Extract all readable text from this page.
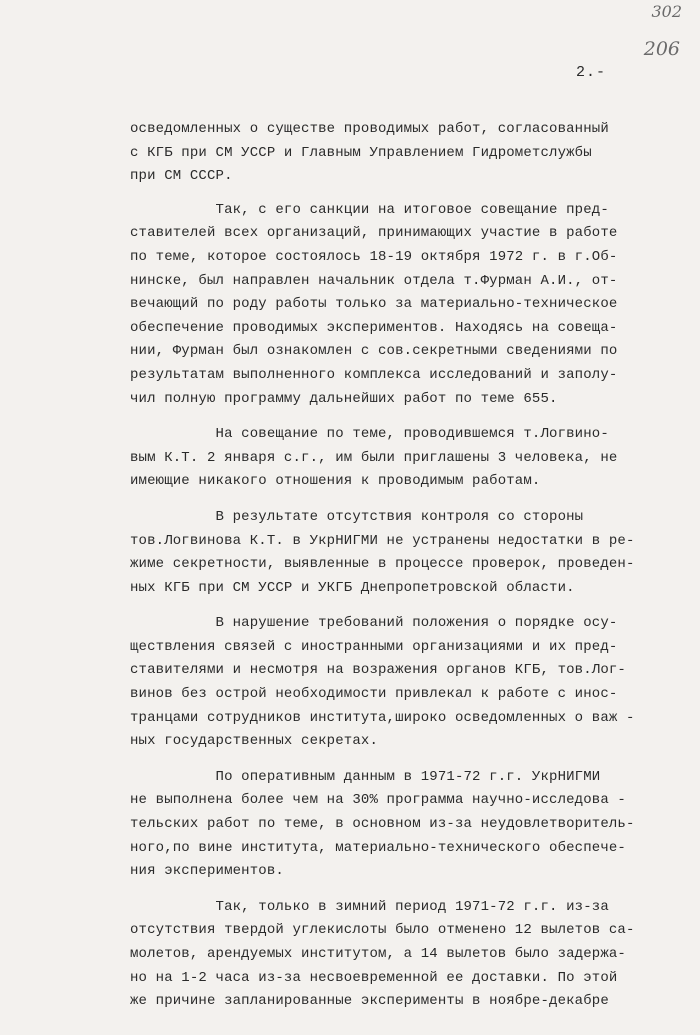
302
206
2.-

осведомленных о существе проводимых работ, согласованный
с КГБ при СМ УССР и Главным Управлением Гидрометслужбы
при СМ СССР.

Так, с его санкции на итоговое совещание пред-
ставителей всех организаций, принимающих участие в работе
по теме, которое состоялось 18-19 октября 1972 г. в г.Об-
нинске, был направлен начальник отдела т.Фурман А.И., от-
вечающий по роду работы только за материально-техническое
обеспечение проводимых экспериментов. Находясь на совеща-
нии, Фурман был ознакомлен с сов.секретными сведениями по
результатам выполненного комплекса исследований и заполу-
чил полную программу дальнейших работ по теме 655.

На совещание по теме, проводившемся т.Логвино-
вым К.Т. 2 января с.г., им были приглашены 3 человека, не
имеющие никакого отношения к проводимым работам.

В результате отсутствия контроля со стороны
тов.Логвинова К.Т. в УкрНИГМИ не устранены недостатки в ре-
жиме секретности, выявленные в процессе проверок, проведен-
ных КГБ при СМ УССР и УКГБ Днепропетровской области.

В нарушение требований положения о порядке осу-
ществления связей с иностранными организациями и их пред-
ставителями и несмотря на возражения органов КГБ, тов.Лог-
винов без острой необходимости привлекал к работе с инос-
транцами сотрудников института,широко осведомленных о важ -
ных государственных секретах.

По оперативным данным в 1971-72 г.г. УкрНИГМИ
не выполнена более чем на 30% программа научно-исследова -
тельских работ по теме, в основном из-за неудовлетворитель-
ного,по вине института, материально-технического обеспече-
ния экспериментов.

Так, только в зимний период 1971-72 г.г. из-за
отсутствия твердой углекислоты было отменено 12 вылетов са-
молетов, арендуемых институтом, а 14 вылетов было задержа-
но на 1-2 часа из-за несвоевременной ее доставки. По этой
же причине запланированные эксперименты в ноябре-декабре
